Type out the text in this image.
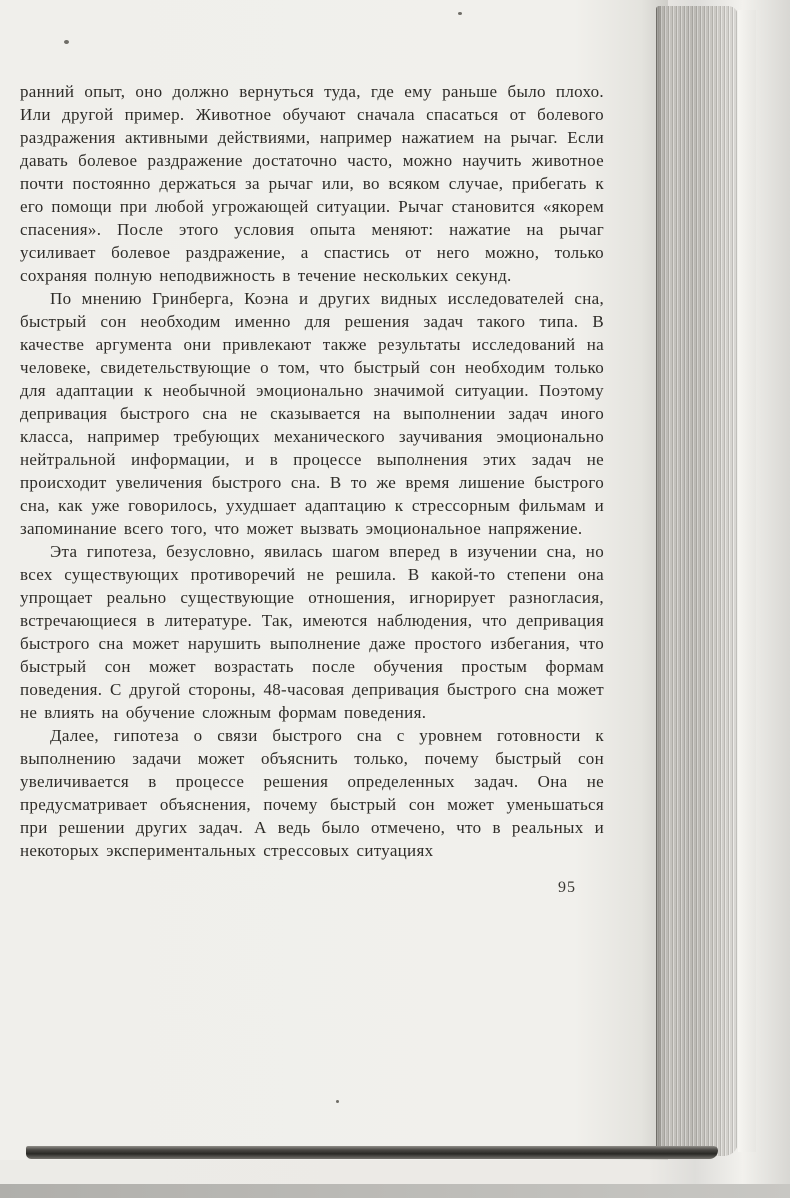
ранний опыт, оно должно вернуться туда, где ему раньше было плохо. Или другой пример. Животное обучают сначала спасаться от болевого раздражения активными действиями, например нажатием на рычаг. Если давать болевое раздражение достаточно часто, можно научить животное почти постоянно держаться за рычаг или, во всяком случае, прибегать к его помощи при любой угрожающей ситуации. Рычаг становится «якорем спасения». После этого условия опыта меняют: нажатие на рычаг усиливает болевое раздражение, а спастись от него можно, только сохраняя полную неподвижность в течение нескольких секунд.

По мнению Гринберга, Коэна и других видных исследователей сна, быстрый сон необходим именно для решения задач такого типа. В качестве аргумента они привлекают также результаты исследований на человеке, свидетельствующие о том, что быстрый сон необходим только для адаптации к необычной эмоционально значимой ситуации. Поэтому депривация быстрого сна не сказывается на выполнении задач иного класса, например требующих механического заучивания эмоционально нейтральной информации, и в процессе выполнения этих задач не происходит увеличения быстрого сна. В то же время лишение быстрого сна, как уже говорилось, ухудшает адаптацию к стрессорным фильмам и запоминание всего того, что может вызвать эмоциональное напряжение.

Эта гипотеза, безусловно, явилась шагом вперед в изучении сна, но всех существующих противоречий не решила. В какой-то степени она упрощает реально существующие отношения, игнорирует разногласия, встречающиеся в литературе. Так, имеются наблюдения, что депривация быстрого сна может нарушить выполнение даже простого избегания, что быстрый сон может возрастать после обучения простым формам поведения. С другой стороны, 48-часовая депривация быстрого сна может не влиять на обучение сложным формам поведения.

Далее, гипотеза о связи быстрого сна с уровнем готовности к выполнению задачи может объяснить только, почему быстрый сон увеличивается в процессе решения определенных задач. Она не предусматривает объяснения, почему быстрый сон может уменьшаться при решении других задач. А ведь было отмечено, что в реальных и некоторых экспериментальных стрессовых ситуациях

95
